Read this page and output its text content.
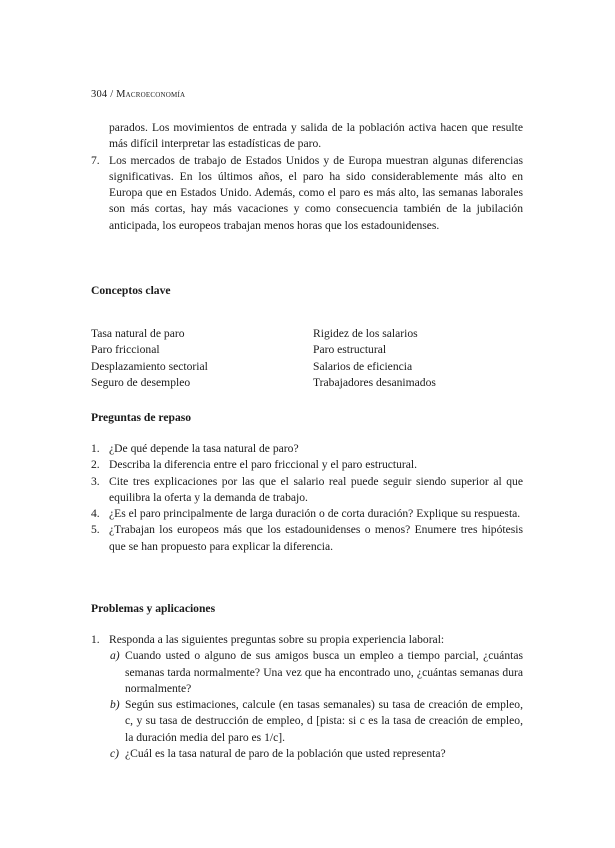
304 / Macroeconomía
parados. Los movimientos de entrada y salida de la población activa hacen que resulte más difícil interpretar las estadísticas de paro.
7. Los mercados de trabajo de Estados Unidos y de Europa muestran algunas diferencias significativas. En los últimos años, el paro ha sido considerablemente más alto en Europa que en Estados Unido. Además, como el paro es más alto, las semanas laborales son más cortas, hay más vacaciones y como consecuencia también de la jubilación anticipada, los europeos trabajan menos horas que los estadounidenses.
Conceptos clave
Tasa natural de paro
Paro friccional
Desplazamiento sectorial
Seguro de desempleo
Rigidez de los salarios
Paro estructural
Salarios de eficiencia
Trabajadores desanimados
Preguntas de repaso
1. ¿De qué depende la tasa natural de paro?
2. Describa la diferencia entre el paro friccional y el paro estructural.
3. Cite tres explicaciones por las que el salario real puede seguir siendo superior al que equilibra la oferta y la demanda de trabajo.
4. ¿Es el paro principalmente de larga duración o de corta duración? Explique su respuesta.
5. ¿Trabajan los europeos más que los estadounidenses o menos? Enumere tres hipótesis que se han propuesto para explicar la diferencia.
Problemas y aplicaciones
1. Responda a las siguientes preguntas sobre su propia experiencia laboral:
a) Cuando usted o alguno de sus amigos busca un empleo a tiempo parcial, ¿cuántas semanas tarda normalmente? Una vez que ha encontrado uno, ¿cuántas semanas dura normalmente?
b) Según sus estimaciones, calcule (en tasas semanales) su tasa de creación de empleo, c, y su tasa de destrucción de empleo, d [pista: si c es la tasa de creación de empleo, la duración media del paro es 1/c].
c) ¿Cuál es la tasa natural de paro de la población que usted representa?
